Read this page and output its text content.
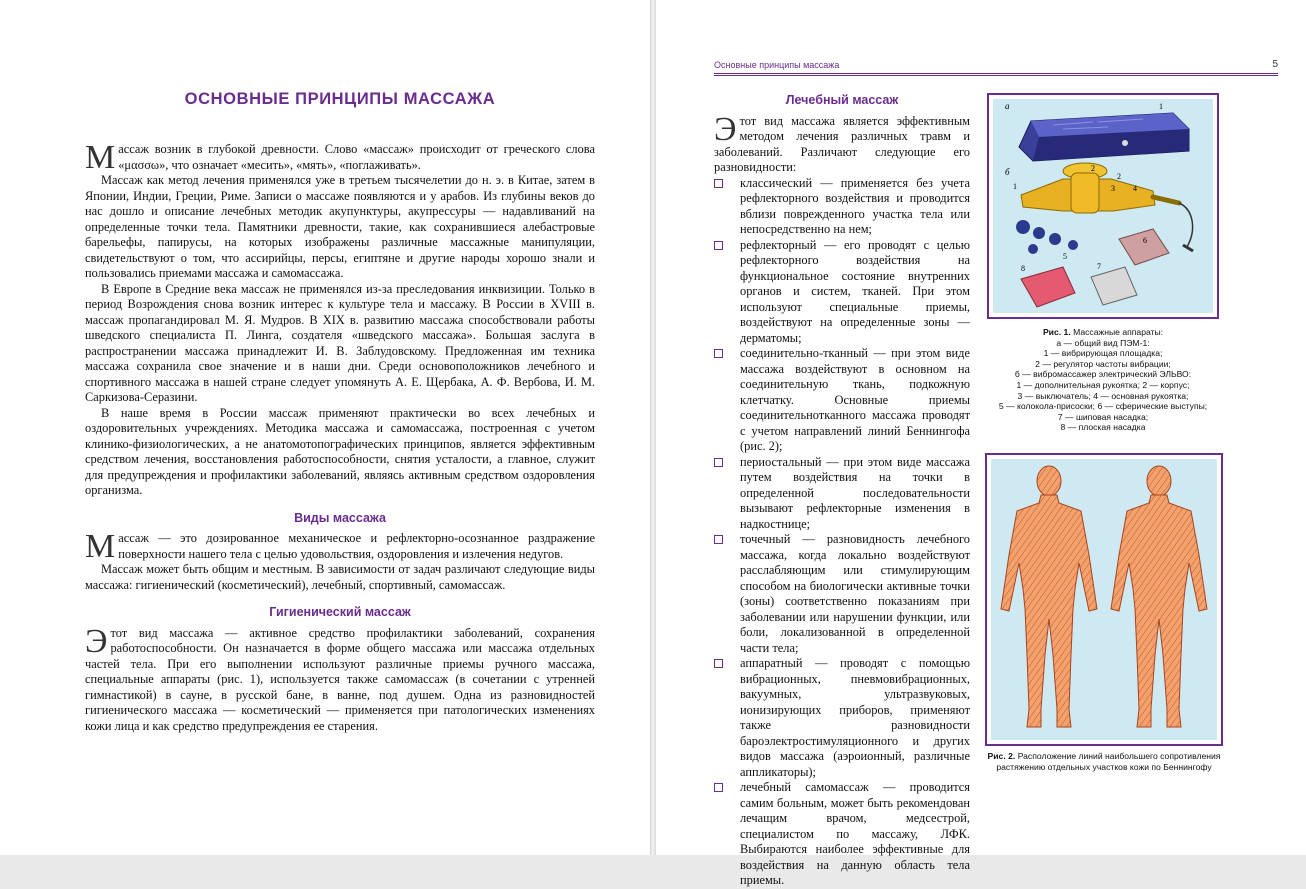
ОСНОВНЫЕ ПРИНЦИПЫ МАССАЖА

Массаж возник в глубокой древности. Слово «массаж» происходит от греческого слова «μασσω», что означает «месить», «мять», «поглаживать».

Массаж как метод лечения применялся уже в третьем тысячелетии до н. э. в Китае, затем в Японии, Индии, Греции, Риме. Записи о массаже появляются и у арабов. Из глубины веков до нас дошло и описание лечебных методик акупунктуры, акупрессуры — надавливаний на определенные точки тела. Памятники древности, такие, как сохранившиеся алебастровые барельефы, папирусы, на которых изображены различные массажные манипуляции, свидетельствуют о том, что ассирийцы, персы, египтяне и другие народы хорошо знали и пользовались приемами массажа и самомассажа.

В Европе в Средние века массаж не применялся из-за преследования инквизиции. Только в период Возрождения снова возник интерес к культуре тела и массажу. В России в XVIII в. массаж пропагандировал М. Я. Мудров. В XIX в. развитию массажа способствовали работы шведского специалиста П. Линга, создателя «шведского массажа». Большая заслуга в распространении массажа принадлежит И. В. Заблудовскому. Предложенная им техника массажа сохранила свое значение и в наши дни. Среди основоположников лечебного и спортивного массажа в нашей стране следует упомянуть А. Е. Щербака, А. Ф. Вербова, И. М. Саркизова-Серазини.

В наше время в России массаж применяют практически во всех лечебных и оздоровительных учреждениях. Методика массажа и самомассажа, построенная с учетом клинико-физиологических, а не анатомотопографических принципов, является эффективным средством лечения, восстановления работоспособности, снятия усталости, а главное, служит для предупреждения и профилактики заболеваний, являясь активным средством оздоровления организма.

Виды массажа

Массаж — это дозированное механическое и рефлекторно-осознанное раздражение поверхности нашего тела с целью удовольствия, оздоровления и излечения недугов.

Массаж может быть общим и местным. В зависимости от задач различают следующие виды массажа: гигиенический (косметический), лечебный, спортивный, самомассаж.

Гигиенический массаж

Этот вид массажа — активное средство профилактики заболеваний, сохранения работоспособности. Он назначается в форме общего массажа или массажа отдельных частей тела. При его выполнении используют различные приемы ручного массажа, специальные аппараты (рис. 1), используется также самомассаж (в сочетании с утренней гимнастикой) в сауне, в русской бане, в ванне, под душем. Одна из разновидностей гигиенического массажа — косметический — применяется при патологических изменениях кожи лица и как средство предупреждения ее старения.

Основные принципы массажа	5
Лечебный массаж

Этот вид массажа является эффективным методом лечения различных травм и заболеваний. Различают следующие его разновидности:

классический — применяется без учета рефлекторного воздействия и проводится вблизи поврежденного участка тела или непосредственно на нем;
рефлекторный — его проводят с целью рефлекторного воздействия на функциональное состояние внутренних органов и систем, тканей. При этом используют специальные приемы, воздействуют на определенные зоны — дерматомы;
соединительно-тканный — при этом виде массажа воздействуют в основном на соединительную ткань, подкожную клетчатку. Основные приемы соединительнотканного массажа проводят с учетом направлений линий Беннингофа (рис. 2);
периостальный — при этом виде массажа путем воздействия на точки в определенной последовательности вызывают рефлекторные изменения в надкостнице;
точечный — разновидность лечебного массажа, когда локально воздействуют расслабляющим или стимулирующим способом на биологически активные точки (зоны) соответственно показаниям при заболевании или нарушении функции, или боли, локализованной в определенной части тела;
аппаратный — проводят с помощью вибрационных, пневмовибрационных, вакуумных, ультразвуковых, ионизирующих приборов, применяют также разновидности бароэлектростимуляционного и других видов массажа (аэроионный, различные аппликаторы);
лечебный самомассаж — проводится самим больным, может быть рекомендован лечащим врачом, медсестрой, специалистом по массажу, ЛФК. Выбираются наиболее эффективные для воздействия на данную область тела приемы.
а	1
2
б
1
2
3 4
5
6
7
8
Рис. 1. Массажные аппараты:
а — общий вид ПЭМ-1:
1 — вибрирующая площадка;
2 — регулятор частоты вибрации;
б — вибромассажер электрический ЭЛЬВО:
1 — дополнительная рукоятка; 2 — корпус;
3 — выключатель; 4 — основная рукоятка;
5 — колокола-присоски; 6 — сферические выступы;
7 — шиповая насадка;
8 — плоская насадка
Рис. 2. Расположение линий наибольшего сопротивления растяжению отдельных участков кожи по Беннингофу
